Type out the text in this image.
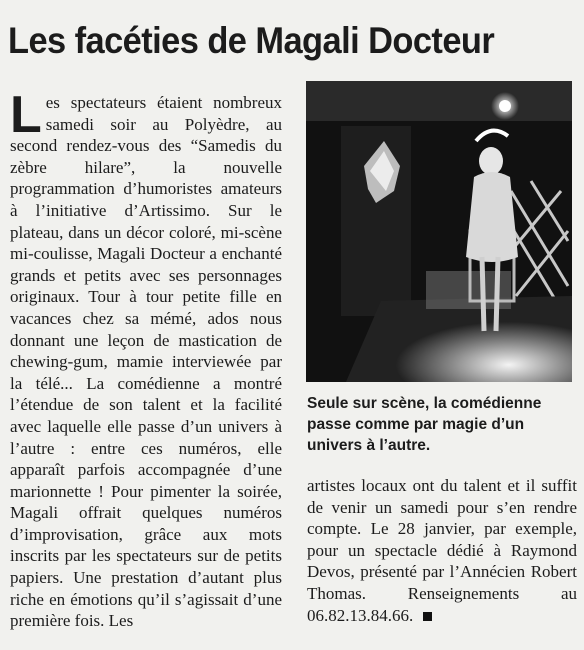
Les facéties de Magali Docteur

Les spectateurs étaient nombreux samedi soir au Polyèdre, au second rendez-vous des “Samedis du zèbre hilare”, la nouvelle programmation d’humoristes amateurs à l’initiative d’Artissimo. Sur le plateau, dans un décor coloré, mi-scène mi-coulisse, Magali Docteur a enchanté grands et petits avec ses personnages originaux. Tour à tour petite fille en vacances chez sa mémé, ados nous donnant une leçon de mastication de chewing-gum, mamie interviewée par la télé... La comédienne a montré l’étendue de son talent et la facilité avec laquelle elle passe d’un univers à l’autre : entre ces numéros, elle apparaît parfois accompagnée d’une marionnette ! Pour pimenter la soirée, Magali offrait quelques numéros d’improvisation, grâce aux mots inscrits par les spectateurs sur de petits papiers. Une prestation d’autant plus riche en émotions qu’il s’agissait d’une première fois. Les

Seule sur scène, la comédienne passe comme par magie d’un univers à l’autre.

artistes locaux ont du talent et il suffit de venir un samedi pour s’en rendre compte. Le 28 janvier, par exemple, pour un spectacle dédié à Raymond Devos, présenté par l’Annécien Robert Thomas. Renseignements au 06.82.13.84.66.
